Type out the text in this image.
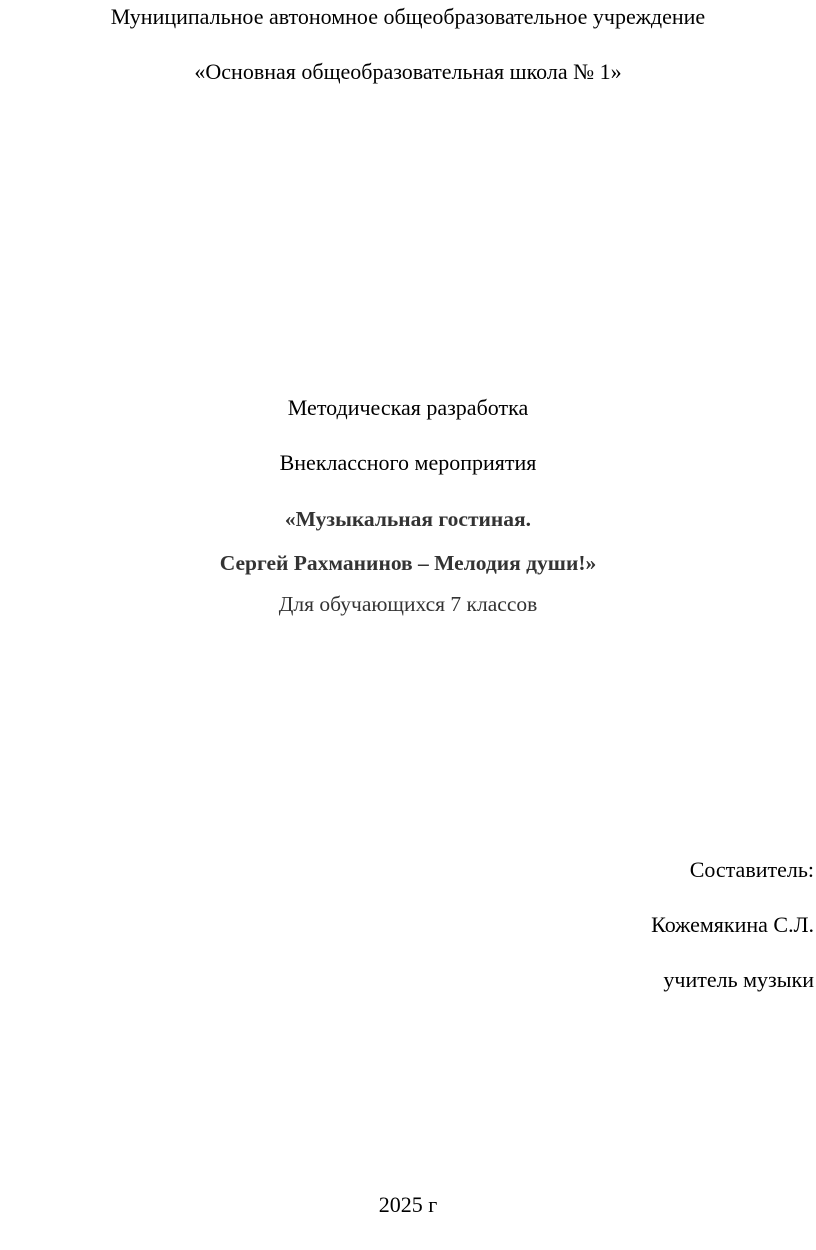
Муниципальное автономное общеобразовательное учреждение
«Основная общеобразовательная школа № 1»
Методическая разработка
Внеклассного мероприятия
«Музыкальная гостиная.
Сергей Рахманинов – Мелодия души!»
Для обучающихся 7 классов
Составитель:
Кожемякина С.Л.
учитель музыки
2025 г
